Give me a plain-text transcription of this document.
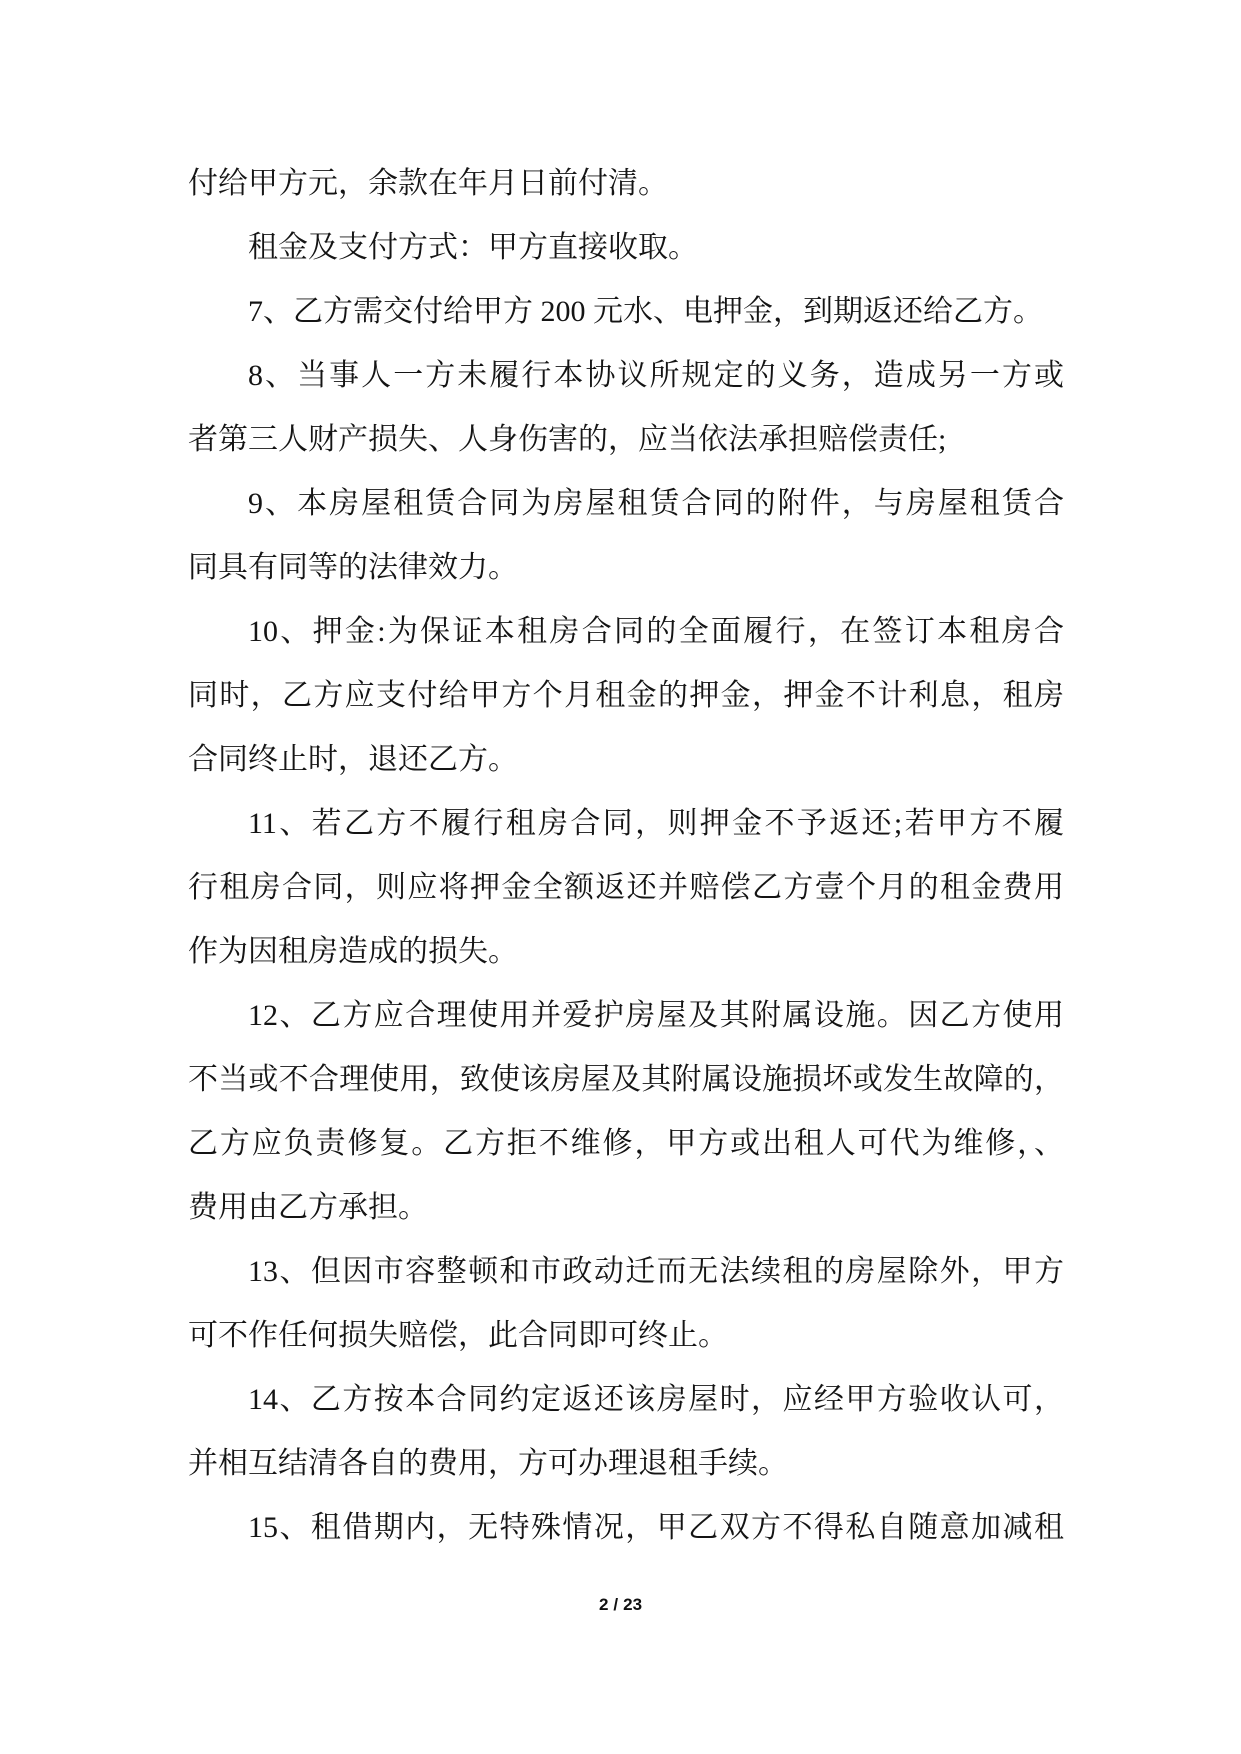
付给甲方元，余款在年月日前付清。
租金及支付方式：甲方直接收取。
7、乙方需交付给甲方 200 元水、电押金，到期返还给乙方。
8、当事人一方未履行本协议所规定的义务，造成另一方或
者第三人财产损失、人身伤害的，应当依法承担赔偿责任;
9、本房屋租赁合同为房屋租赁合同的附件，与房屋租赁合
同具有同等的法律效力。
10、押金:为保证本租房合同的全面履行，在签订本租房合
同时，乙方应支付给甲方个月租金的押金，押金不计利息，租房
合同终止时，退还乙方。
11、若乙方不履行租房合同，则押金不予返还;若甲方不履
行租房合同，则应将押金全额返还并赔偿乙方壹个月的租金费用
作为因租房造成的损失。
12、乙方应合理使用并爱护房屋及其附属设施。因乙方使用
不当或不合理使用，致使该房屋及其附属设施损坏或发生故障的，
乙方应负责修复。乙方拒不维修，甲方或出租人可代为维修，、
费用由乙方承担。
13、但因市容整顿和市政动迁而无法续租的房屋除外，甲方
可不作任何损失赔偿，此合同即可终止。
14、乙方按本合同约定返还该房屋时，应经甲方验收认可，
并相互结清各自的费用，方可办理退租手续。
15、租借期内，无特殊情况，甲乙双方不得私自随意加减租
2 / 23
